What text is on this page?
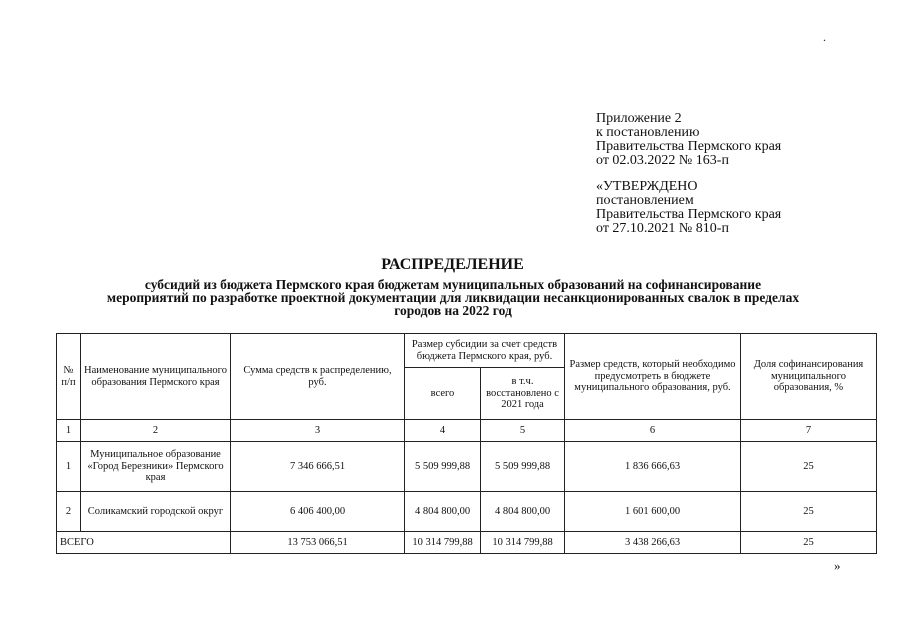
.
Приложение 2
к постановлению
Правительства Пермского края
от 02.03.2022 № 163-п
«УТВЕРЖДЕНО
постановлением
Правительства Пермского края
от 27.10.2021 № 810-п
РАСПРЕДЕЛЕНИЕ
субсидий из бюджета Пермского края бюджетам муниципальных образований на софинансирование
мероприятий по разработке проектной документации для ликвидации несанкционированных свалок в пределах
городов на 2022 год
№ п/п	Наименование муниципального образования Пермского края	Сумма средств к распределению, руб.	Размер субсидии за счет средств бюджета Пермского края, руб.		Размер средств, который необходимо предусмотреть в бюджете муниципального образования, руб.	Доля софинансирования муниципального образования, %
			всего	в т.ч. восстановлено с 2021 года		
1	2	3	4	5	6	7
1	Муниципальное образование «Город Березники» Пермского края	7 346 666,51	5 509 999,88	5 509 999,88	1 836 666,63	25
2	Соликамский городской округ	6 406 400,00	4 804 800,00	4 804 800,00	1 601 600,00	25
ВСЕГО		13 753 066,51	10 314 799,88	10 314 799,88	3 438 266,63	25
»
